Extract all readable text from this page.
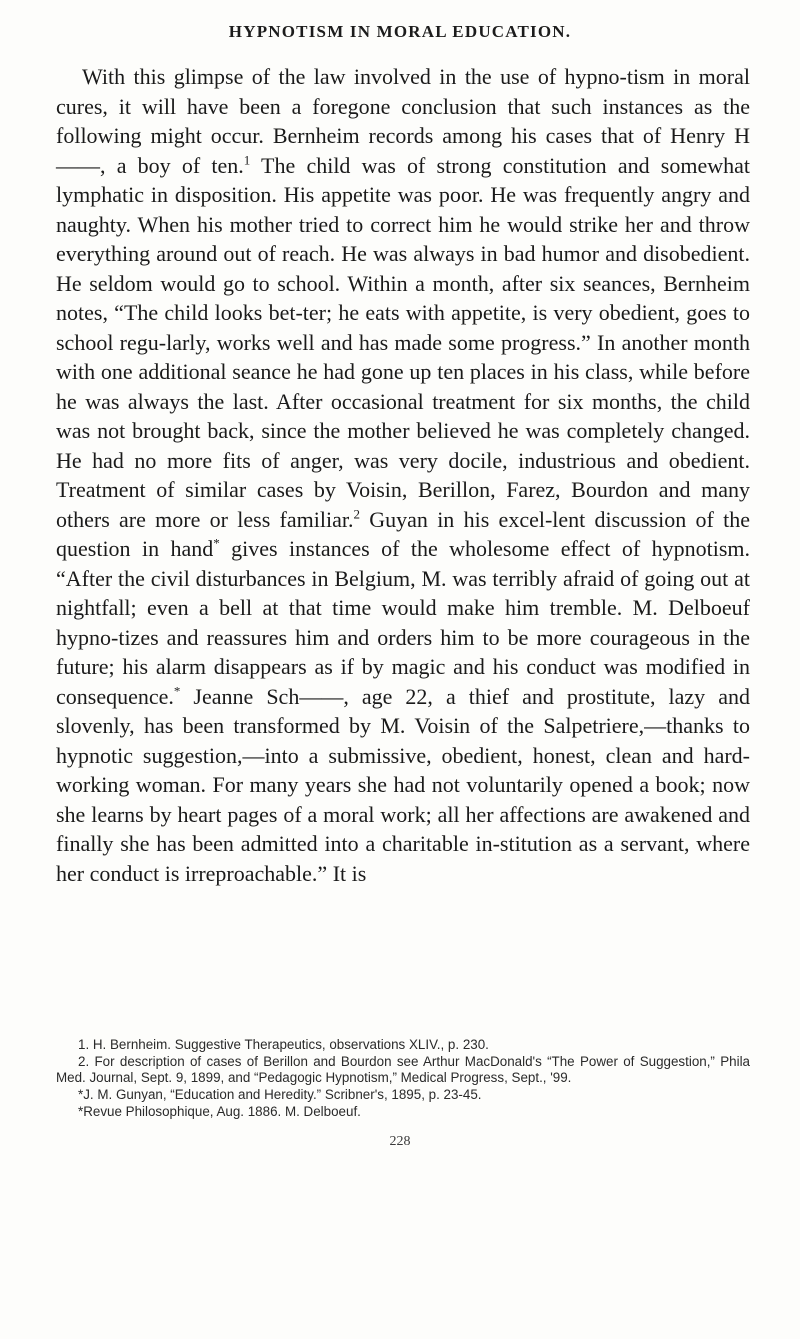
HYPNOTISM IN MORAL EDUCATION.

With this glimpse of the law involved in the use of hypno-tism in moral cures, it will have been a foregone conclusion that such instances as the following might occur. Bernheim records among his cases that of Henry H——, a boy of ten.$^1$ The child was of strong constitution and somewhat lymphatic in disposition. His appetite was poor. He was frequently angry and naughty. When his mother tried to correct him he would strike her and throw everything around out of reach. He was always in bad humor and disobedient. He seldom would go to school. Within a month, after six seances, Bernheim notes, “The child looks bet-ter; he eats with appetite, is very obedient, goes to school regu-larly, works well and has made some progress.” In another month with one additional seance he had gone up ten places in his class, while before he was always the last. After occasional treatment for six months, the child was not brought back, since the mother believed he was completely changed. He had no more fits of anger, was very docile, industrious and obedient. Treatment of similar cases by Voisin, Berillon, Farez, Bourdon and many others are more or less familiar.$^2$ Guyan in his excel-lent discussion of the question in hand* gives instances of the wholesome effect of hypnotism. “After the civil disturbances in Belgium, M. was terribly afraid of going out at nightfall; even a bell at that time would make him tremble. M. Delboeuf hypno-tizes and reassures him and orders him to be more courageous in the future; his alarm disappears as if by magic and his conduct was modified in consequence.* Jeanne Sch——, age 22, a thief and prostitute, lazy and slovenly, has been transformed by M. Voisin of the Salpetriere,—thanks to hypnotic suggestion,—into a submissive, obedient, honest, clean and hard-working woman. For many years she had not voluntarily opened a book; now she learns by heart pages of a moral work; all her affections are awakened and finally she has been admitted into a charitable in-stitution as a servant, where her conduct is irreproachable.” It is

1. H. Bernheim. Suggestive Therapeutics, observations XLIV., p. 230.

2. For description of cases of Berillon and Bourdon see Arthur MacDonald's “The Power of Suggestion,” Phila Med. Journal, Sept. 9, 1899, and “Pedagogic Hypnotism,” Medical Progress, Sept., '99.

*J. M. Gunyan, “Education and Heredity.” Scribner's, 1895, p. 23-45.

*Revue Philosophique, Aug. 1886. M. Delboeuf.

228
